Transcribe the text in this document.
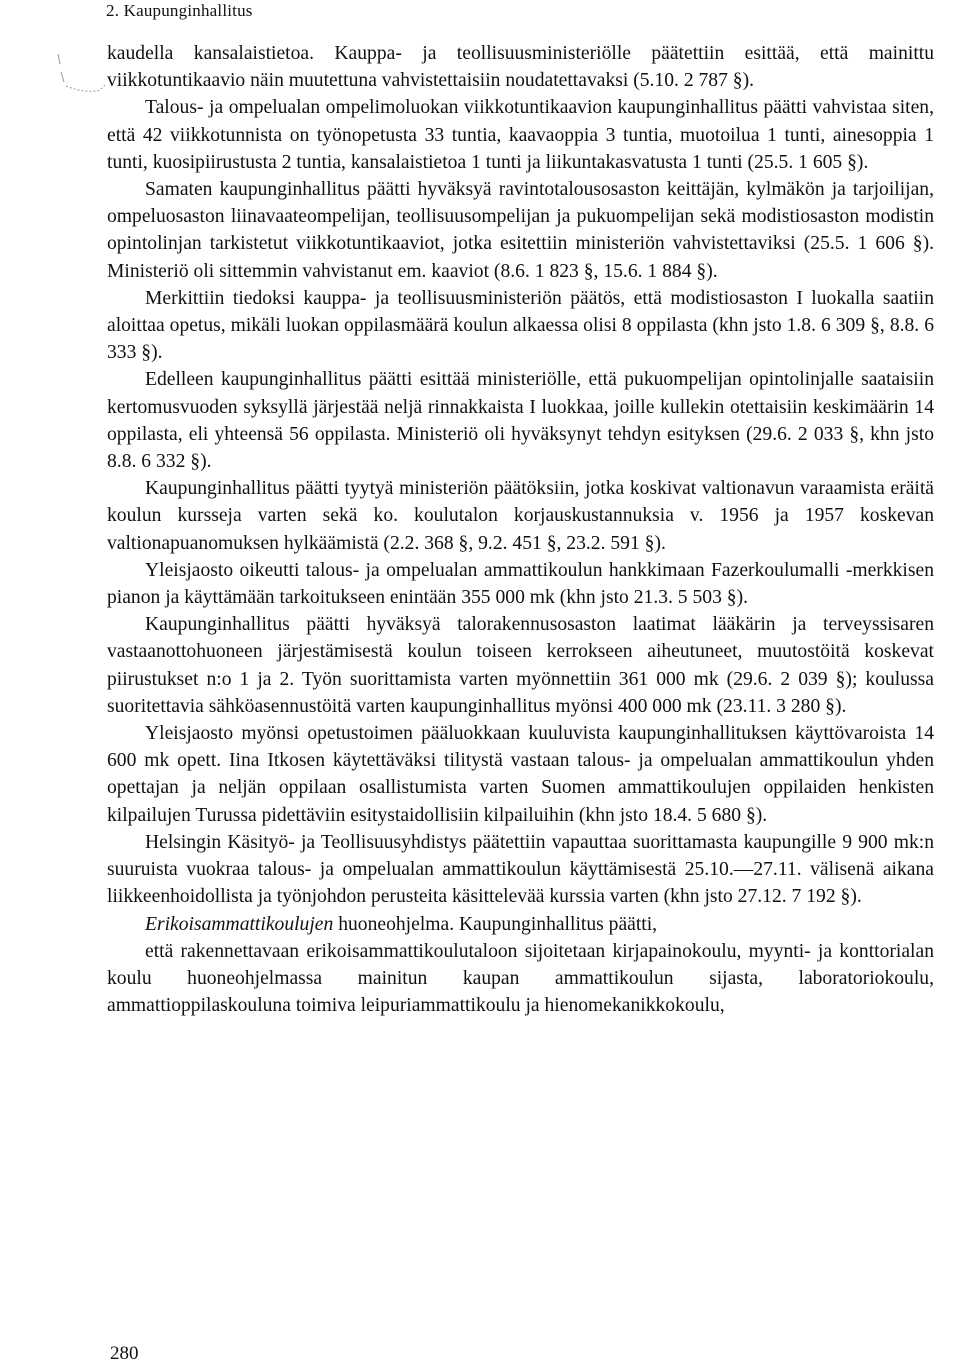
2. Kaupunginhallitus

kaudella kansalaistietoa. Kauppa- ja teollisuusministeriölle päätettiin esittää, että mainittu viikkotuntikaavio näin muutettuna vahvistettaisiin noudatettavaksi (5.10. 2 787 §).

Talous- ja ompelualan ompelimoluokan viikkotuntikaavion kaupunginhallitus päätti vahvistaa siten, että 42 viikkotunnista on työnopetusta 33 tuntia, kaavaoppia 3 tuntia, muotoilua 1 tunti, ainesoppia 1 tunti, kuosipiirustusta 2 tuntia, kansalaistietoa 1 tunti ja liikuntakasvatusta 1 tunti (25.5. 1 605 §).

Samaten kaupunginhallitus päätti hyväksyä ravintotalousosaston keittäjän, kylmäkön ja tarjoilijan, ompeluosaston liinavaateompelijan, teollisuusompelijan ja pukuompelijan sekä modistiosaston modistin opintolinjan tarkistetut viikkotuntikaaviot, jotka esitettiin ministeriön vahvistettaviksi (25.5. 1 606 §). Ministeriö oli sittemmin vahvistanut em. kaaviot (8.6. 1 823 §, 15.6. 1 884 §).

Merkittiin tiedoksi kauppa- ja teollisuusministeriön päätös, että modistiosaston I luokalla saatiin aloittaa opetus, mikäli luokan oppilasmäärä koulun alkaessa olisi 8 oppilasta (khn jsto 1.8. 6 309 §, 8.8. 6 333 §).

Edelleen kaupunginhallitus päätti esittää ministeriölle, että pukuompelijan opintolinjalle saataisiin kertomusvuoden syksyllä järjestää neljä rinnakkaista I luokkaa, joille kullekin otettaisiin keskimäärin 14 oppilasta, eli yhteensä 56 oppilasta. Ministeriö oli hyväksynyt tehdyn esityksen (29.6. 2 033 §, khn jsto 8.8. 6 332 §).

Kaupunginhallitus päätti tyytyä ministeriön päätöksiin, jotka koskivat valtionavun varaamista eräitä koulun kursseja varten sekä ko. koulutalon korjauskustannuksia v. 1956 ja 1957 koskevan valtionapuanomuksen hylkäämistä (2.2. 368 §, 9.2. 451 §, 23.2. 591 §).

Yleisjaosto oikeutti talous- ja ompelualan ammattikoulun hankkimaan Fazerkoulumalli -merkkisen pianon ja käyttämään tarkoitukseen enintään 355 000 mk (khn jsto 21.3. 5 503 §).

Kaupunginhallitus päätti hyväksyä talorakennusosaston laatimat lääkärin ja terveyssisaren vastaanottohuoneen järjestämisestä koulun toiseen kerrokseen aiheutuneet, muutostöitä koskevat piirustukset n:o 1 ja 2. Työn suorittamista varten myönnettiin 361 000 mk (29.6. 2 039 §); koulussa suoritettavia sähköasennustöitä varten kaupunginhallitus myönsi 400 000 mk (23.11. 3 280 §).

Yleisjaosto myönsi opetustoimen pääluokkaan kuuluvista kaupunginhallituksen käyttövaroista 14 600 mk opett. Iina Itkosen käytettäväksi tilitystä vastaan talous- ja ompelualan ammattikoulun yhden opettajan ja neljän oppilaan osallistumista varten Suomen ammattikoulujen oppilaiden henkisten kilpailujen Turussa pidettäviin esitystaidollisiin kilpailuihin (khn jsto 18.4. 5 680 §).

Helsingin Käsityö- ja Teollisuusyhdistys päätettiin vapauttaa suorittamasta kaupungille 9 900 mk:n suuruista vuokraa talous- ja ompelualan ammattikoulun käyttämisestä 25.10.—27.11. välisenä aikana liikkeenhoidollista ja työnjohdon perusteita käsittelevää kurssia varten (khn jsto 27.12. 7 192 §).

Erikoisammattikoulujen huoneohjelma. Kaupunginhallitus päätti,

että rakennettavaan erikoisammattikoulutaloon sijoitetaan kirjapainokoulu, myynti- ja konttorialan koulu huoneohjelmassa mainitun kaupan ammattikoulun sijasta, laboratoriokoulu, ammattioppilaskouluna toimiva leipuriammattikoulu ja hienomekanikkokoulu,

280
